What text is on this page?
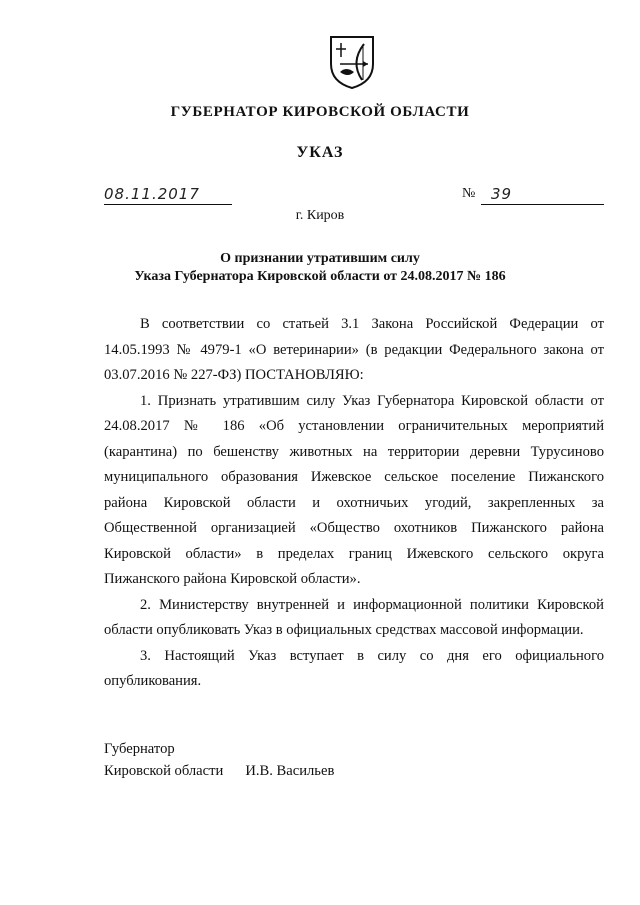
ГУБЕРНАТОР КИРОВСКОЙ ОБЛАСТИ
УКАЗ
08.11.2017	№ 39
г. Киров
О признании утратившим силу
Указа Губернатора Кировской области от 24.08.2017 № 186

В соответствии со статьей 3.1 Закона Российской Федерации от 14.05.1993 № 4979-1 «О ветеринарии» (в редакции Федерального закона от 03.07.2016 № 227-ФЗ) ПОСТАНОВЛЯЮ:

1. Признать утратившим силу Указ Губернатора Кировской области от 24.08.2017 № 186 «Об установлении ограничительных мероприятий (карантина) по бешенству животных на территории деревни Турусиново муниципального образования Ижевское сельское поселение Пижанского района Кировской области и охотничьих угодий, закрепленных за Общественной организацией «Общество охотников Пижанского района Кировской области» в пределах границ Ижевского сельского округа Пижанского района Кировской области».

2. Министерству внутренней и информационной политики Кировской области опубликовать Указ в официальных средствах массовой информации.

3. Настоящий Указ вступает в силу со дня его официального опубликования.

Губернатор
Кировской области И.В. Васильев
